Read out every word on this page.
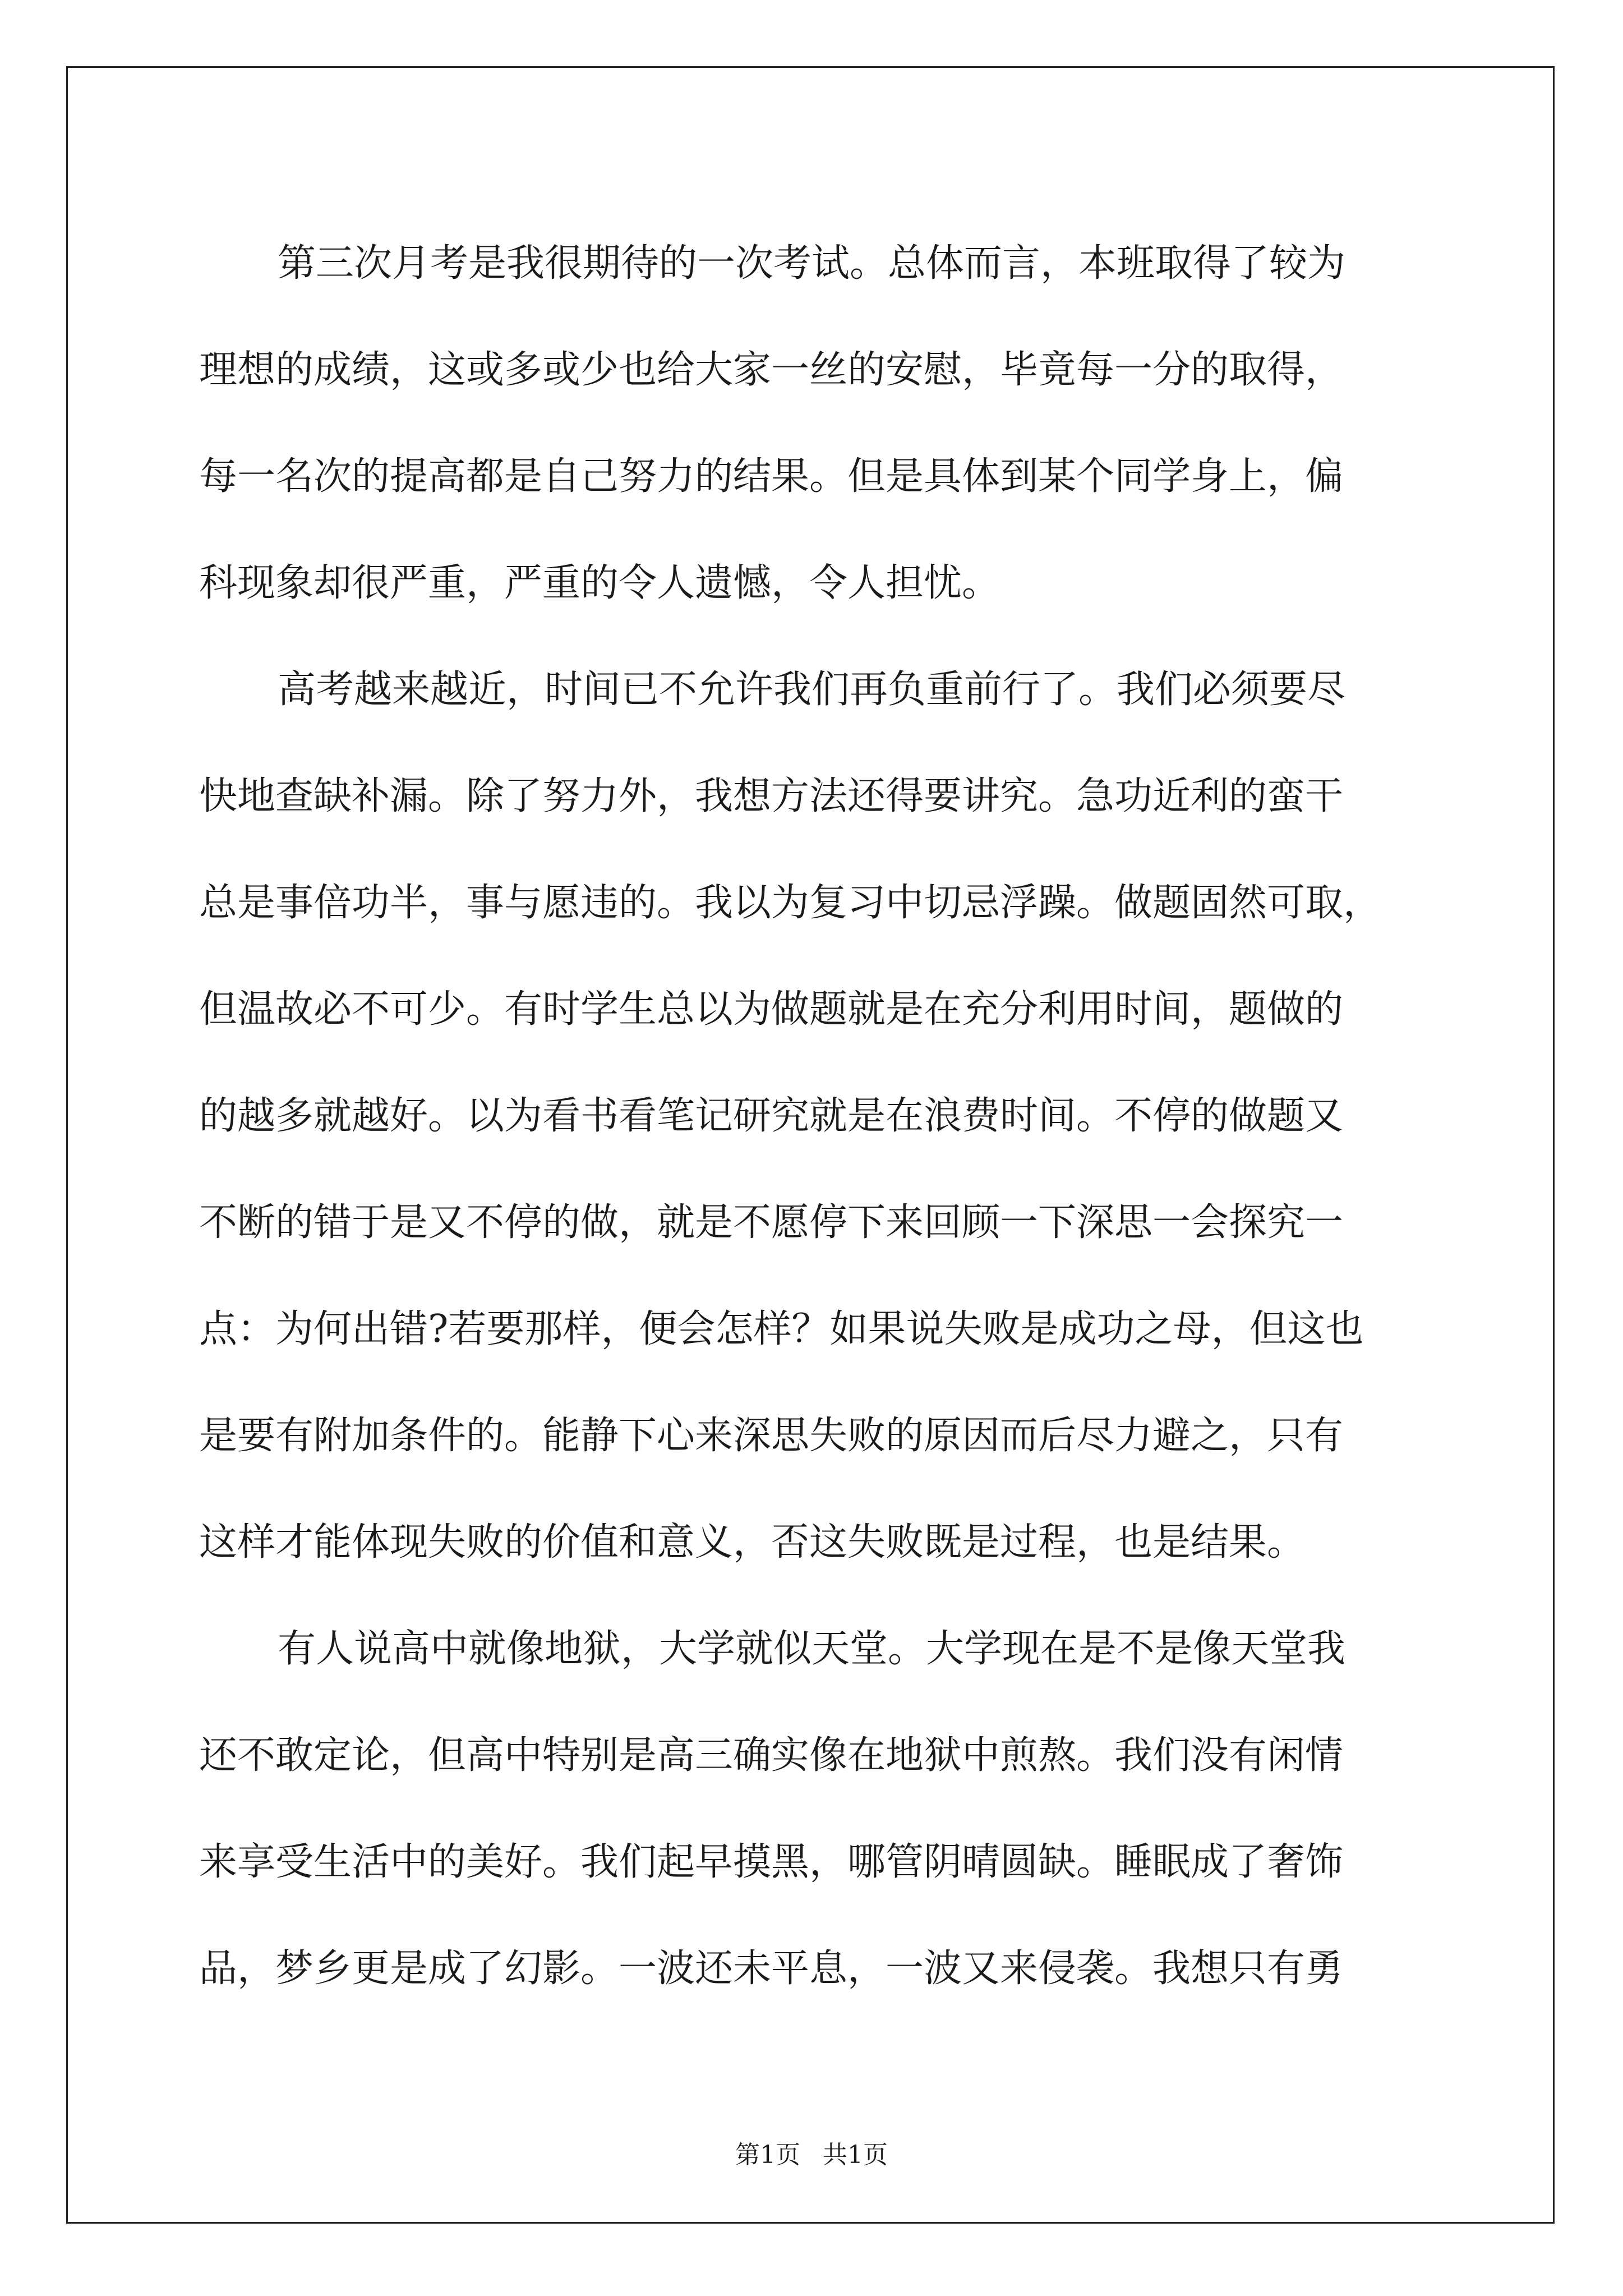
第三次月考是我很期待的一次考试。总体而言，本班取得了较为
理想的成绩，这或多或少也给大家一丝的安慰，毕竟每一分的取得，
每一名次的提高都是自己努力的结果。但是具体到某个同学身上，偏
科现象却很严重，严重的令人遗憾，令人担忧。
高考越来越近，时间已不允许我们再负重前行了。我们必须要尽
快地查缺补漏。除了努力外，我想方法还得要讲究。急功近利的蛮干
总是事倍功半，事与愿违的。我以为复习中切忌浮躁。做题固然可取，
但温故必不可少。有时学生总以为做题就是在充分利用时间，题做的
的越多就越好。以为看书看笔记研究就是在浪费时间。不停的做题又
不断的错于是又不停的做，就是不愿停下来回顾一下深思一会探究一
点：为何出错?若要那样，便会怎样？如果说失败是成功之母，但这也
是要有附加条件的。能静下心来深思失败的原因而后尽力避之，只有
这样才能体现失败的价值和意义，否这失败既是过程，也是结果。
有人说高中就像地狱，大学就似天堂。大学现在是不是像天堂我
还不敢定论，但高中特别是高三确实像在地狱中煎熬。我们没有闲情
来享受生活中的美好。我们起早摸黑，哪管阴晴圆缺。睡眠成了奢饰
品，梦乡更是成了幻影。一波还未平息，一波又来侵袭。我想只有勇
第1页 共1页
